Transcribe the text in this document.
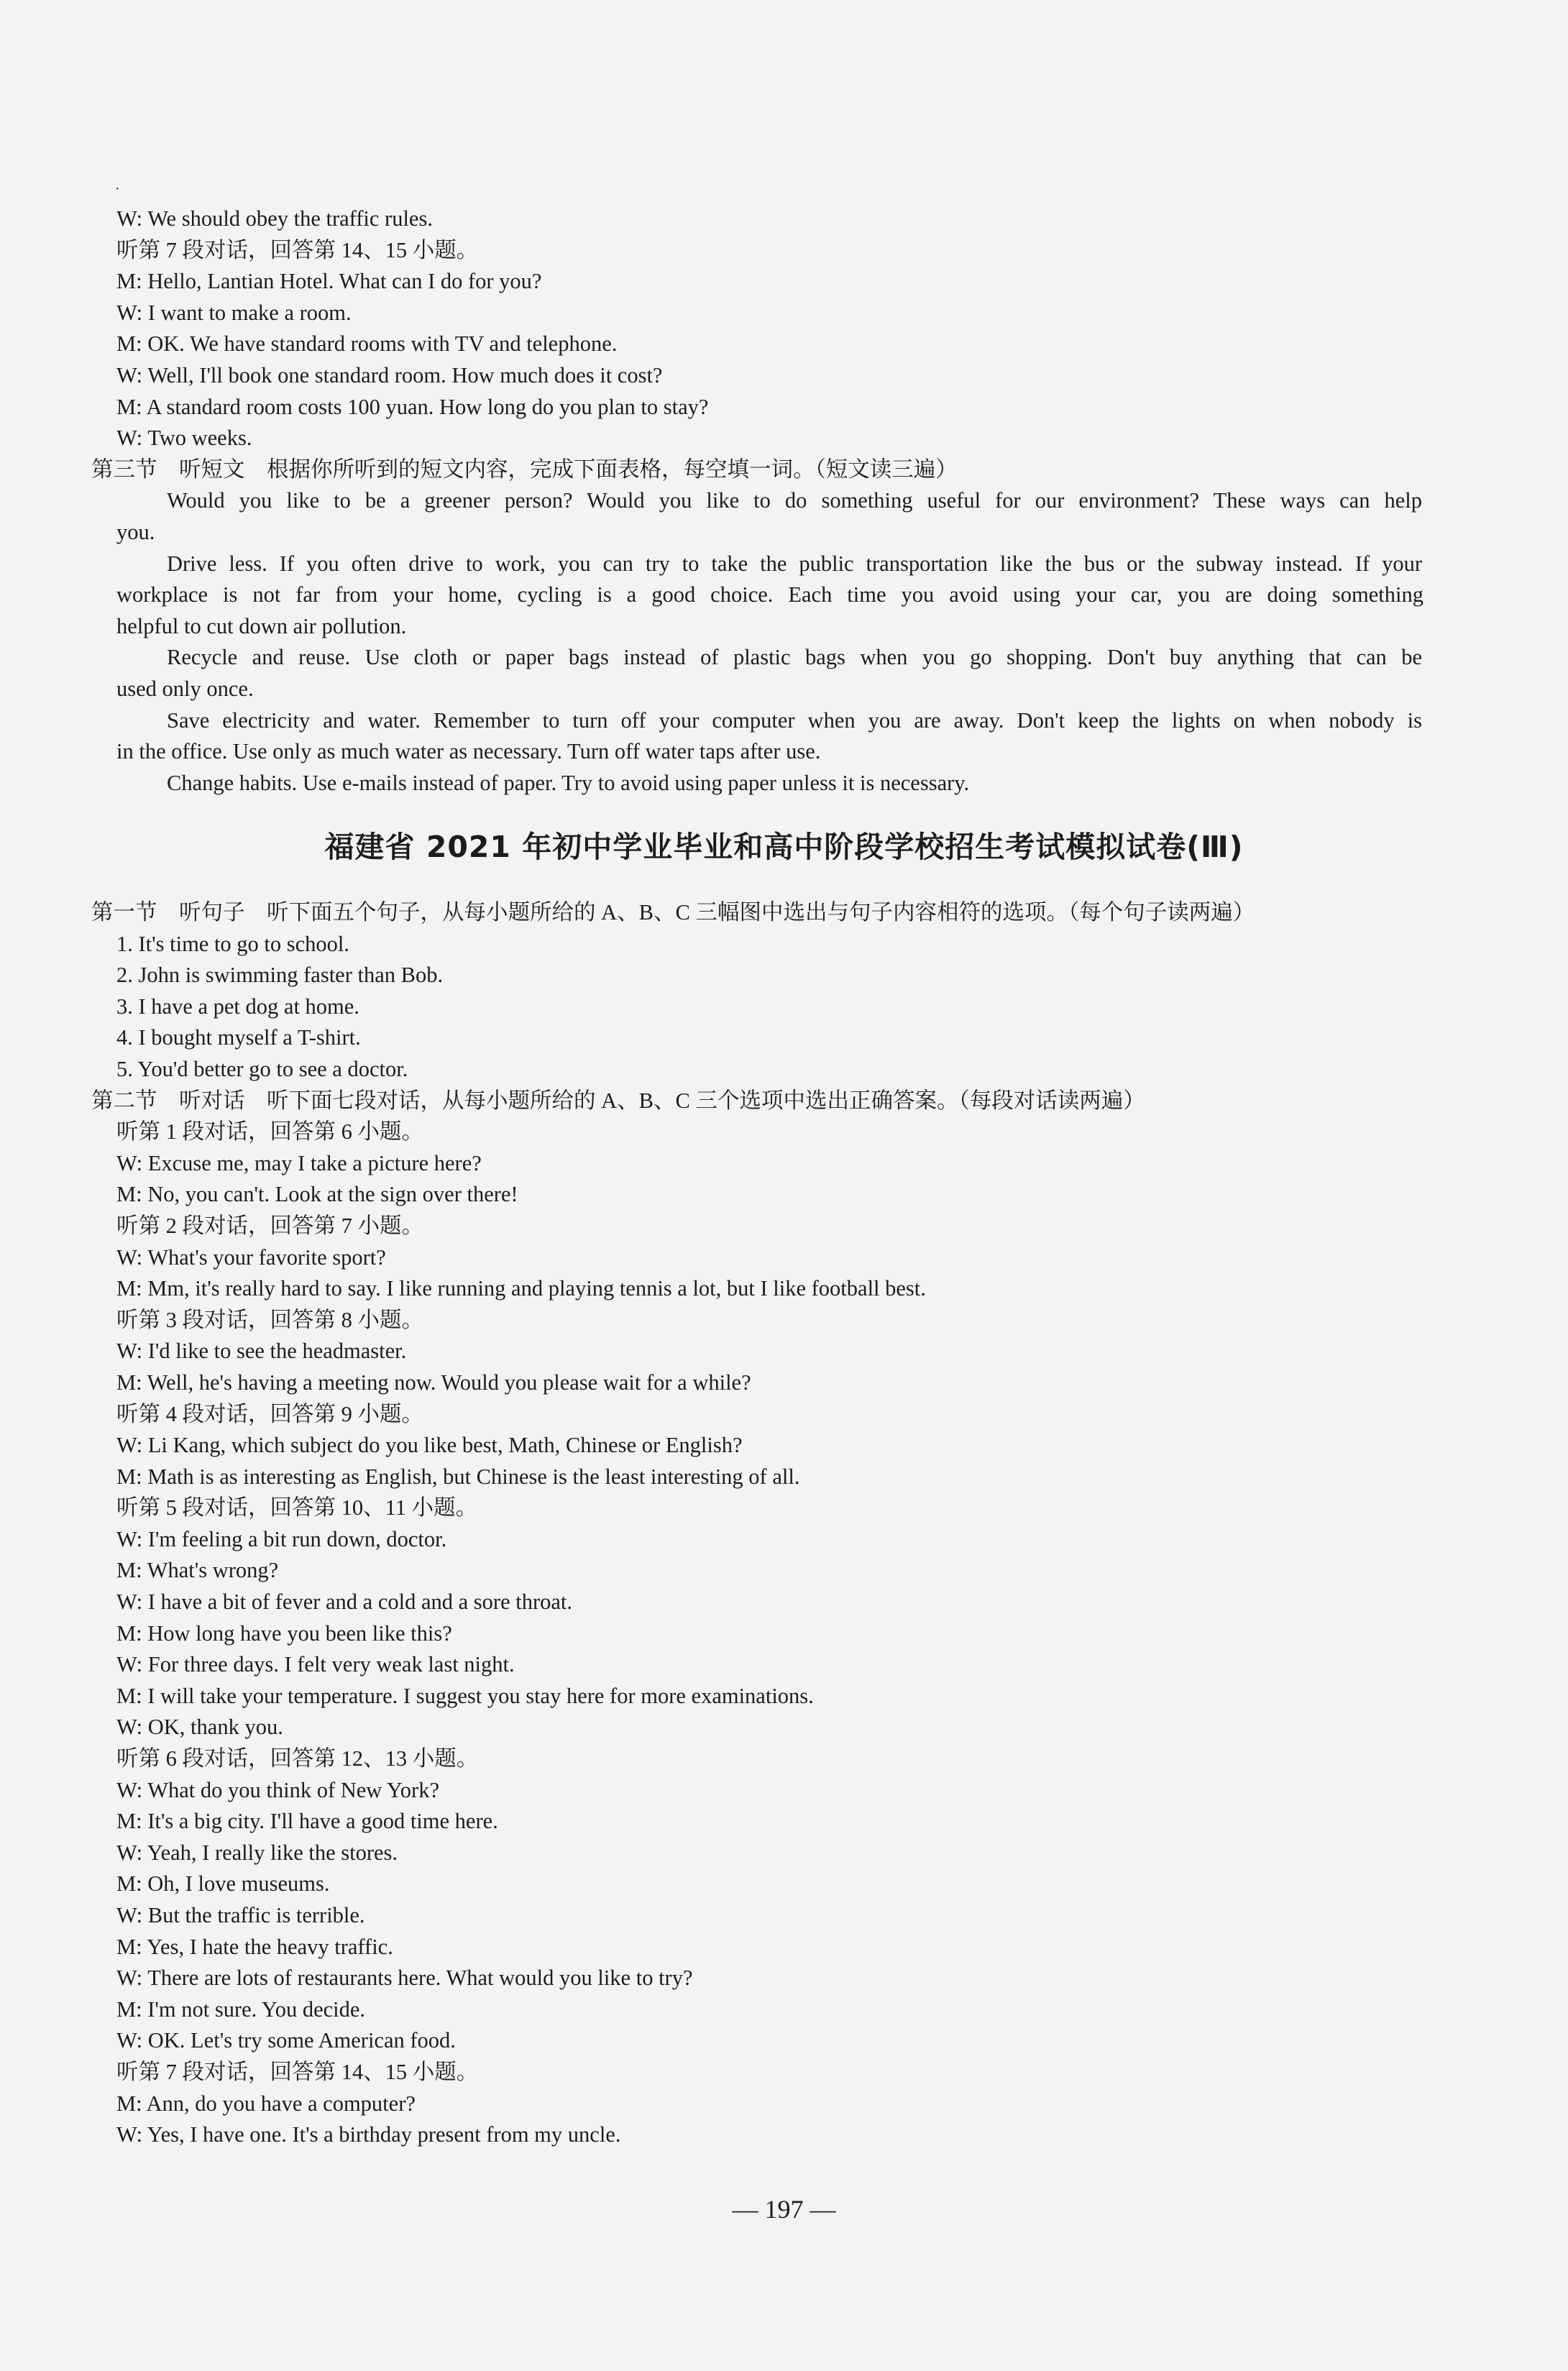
·
W: We should obey the traffic rules.
听第 7 段对话，回答第 14、15 小题。
M: Hello, Lantian Hotel. What can I do for you?
W: I want to make a room.
M: OK. We have standard rooms with TV and telephone.
W: Well, I'll book one standard room. How much does it cost?
M: A standard room costs 100 yuan. How long do you plan to stay?
W: Two weeks.
第三节　听短文　根据你所听到的短文内容，完成下面表格，每空填一词。（短文读三遍）
Would you like to be a greener person? Would you like to do something useful for our environment? These ways can help
you.
Drive less. If you often drive to work, you can try to take the public transportation like the bus or the subway instead. If your
workplace is not far from your home, cycling is a good choice. Each time you avoid using your car, you are doing something
helpful to cut down air pollution.
Recycle and reuse. Use cloth or paper bags instead of plastic bags when you go shopping. Don't buy anything that can be
used only once.
Save electricity and water. Remember to turn off your computer when you are away. Don't keep the lights on when nobody is
in the office. Use only as much water as necessary. Turn off water taps after use.
Change habits. Use e-mails instead of paper. Try to avoid using paper unless it is necessary.
福建省 2021 年初中学业毕业和高中阶段学校招生考试模拟试卷(Ⅲ)
第一节　听句子　听下面五个句子，从每小题所给的 A、B、C 三幅图中选出与句子内容相符的选项。（每个句子读两遍）
1. It's time to go to school.
2. John is swimming faster than Bob.
3. I have a pet dog at home.
4. I bought myself a T-shirt.
5. You'd better go to see a doctor.
第二节　听对话　听下面七段对话，从每小题所给的 A、B、C 三个选项中选出正确答案。（每段对话读两遍）
听第 1 段对话，回答第 6 小题。
W: Excuse me, may I take a picture here?
M: No, you can't. Look at the sign over there!
听第 2 段对话，回答第 7 小题。
W: What's your favorite sport?
M: Mm, it's really hard to say. I like running and playing tennis a lot, but I like football best.
听第 3 段对话，回答第 8 小题。
W: I'd like to see the headmaster.
M: Well, he's having a meeting now. Would you please wait for a while?
听第 4 段对话，回答第 9 小题。
W: Li Kang, which subject do you like best, Math, Chinese or English?
M: Math is as interesting as English, but Chinese is the least interesting of all.
听第 5 段对话，回答第 10、11 小题。
W: I'm feeling a bit run down, doctor.
M: What's wrong?
W: I have a bit of fever and a cold and a sore throat.
M: How long have you been like this?
W: For three days. I felt very weak last night.
M: I will take your temperature. I suggest you stay here for more examinations.
W: OK, thank you.
听第 6 段对话，回答第 12、13 小题。
W: What do you think of New York?
M: It's a big city. I'll have a good time here.
W: Yeah, I really like the stores.
M: Oh, I love museums.
W: But the traffic is terrible.
M: Yes, I hate the heavy traffic.
W: There are lots of restaurants here. What would you like to try?
M: I'm not sure. You decide.
W: OK. Let's try some American food.
听第 7 段对话，回答第 14、15 小题。
M: Ann, do you have a computer?
W: Yes, I have one. It's a birthday present from my uncle.
— 197 —
